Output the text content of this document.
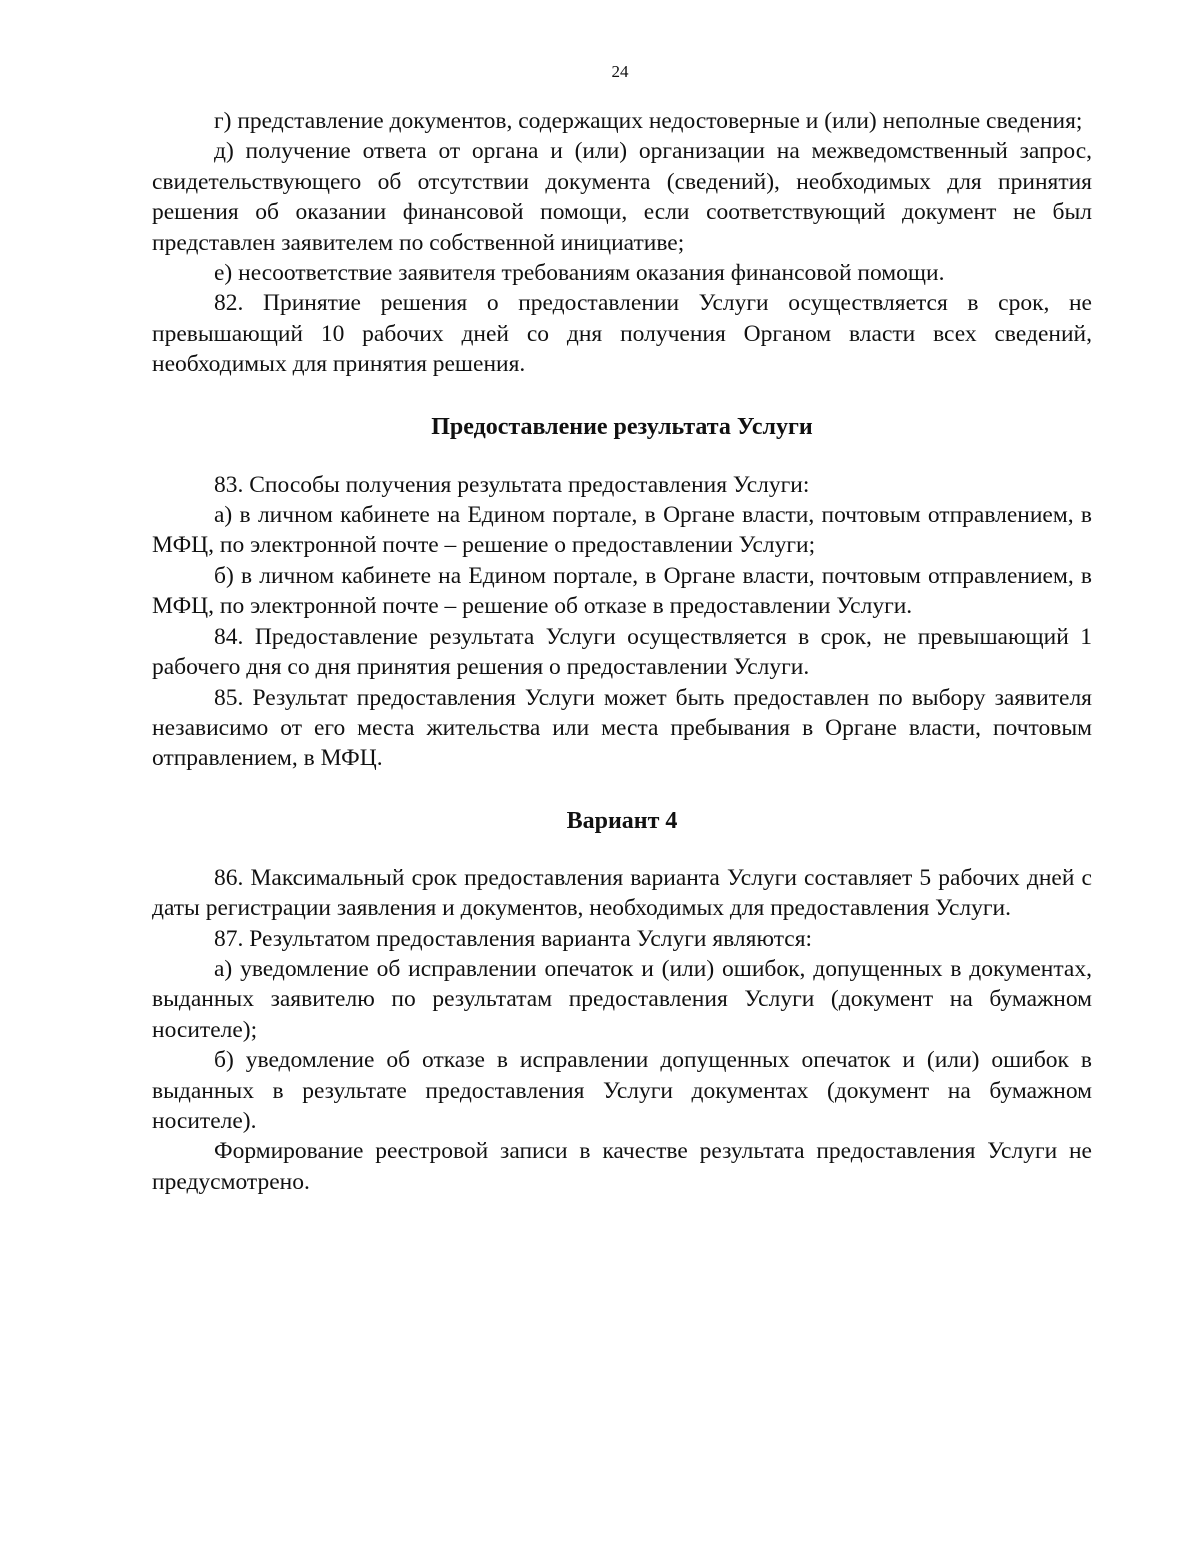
24

г) представление документов, содержащих недостоверные и (или) неполные сведения;

д) получение ответа от органа и (или) организации на межведомственный запрос, свидетельствующего об отсутствии документа (сведений), необходимых для принятия решения об оказании финансовой помощи, если соответствующий документ не был представлен заявителем по собственной инициативе;

е) несоответствие заявителя требованиям оказания финансовой помощи.

82. Принятие решения о предоставлении Услуги осуществляется в срок, не превышающий 10 рабочих дней со дня получения Органом власти всех сведений, необходимых для принятия решения.

Предоставление результата Услуги

83. Способы получения результата предоставления Услуги:

а) в личном кабинете на Едином портале, в Органе власти, почтовым отправлением, в МФЦ, по электронной почте – решение о предоставлении Услуги;

б) в личном кабинете на Едином портале, в Органе власти, почтовым отправлением, в МФЦ, по электронной почте – решение об отказе в предоставлении Услуги.

84. Предоставление результата Услуги осуществляется в срок, не превышающий 1 рабочего дня со дня принятия решения о предоставлении Услуги.

85. Результат предоставления Услуги может быть предоставлен по выбору заявителя независимо от его места жительства или места пребывания в Органе власти, почтовым отправлением, в МФЦ.

Вариант 4

86. Максимальный срок предоставления варианта Услуги составляет 5 рабочих дней с даты регистрации заявления и документов, необходимых для предоставления Услуги.

87. Результатом предоставления варианта Услуги являются:

а) уведомление об исправлении опечаток и (или) ошибок, допущенных в документах, выданных заявителю по результатам предоставления Услуги (документ на бумажном носителе);

б) уведомление об отказе в исправлении допущенных опечаток и (или) ошибок в выданных в результате предоставления Услуги документах (документ на бумажном носителе).

Формирование реестровой записи в качестве результата предоставления Услуги не предусмотрено.
